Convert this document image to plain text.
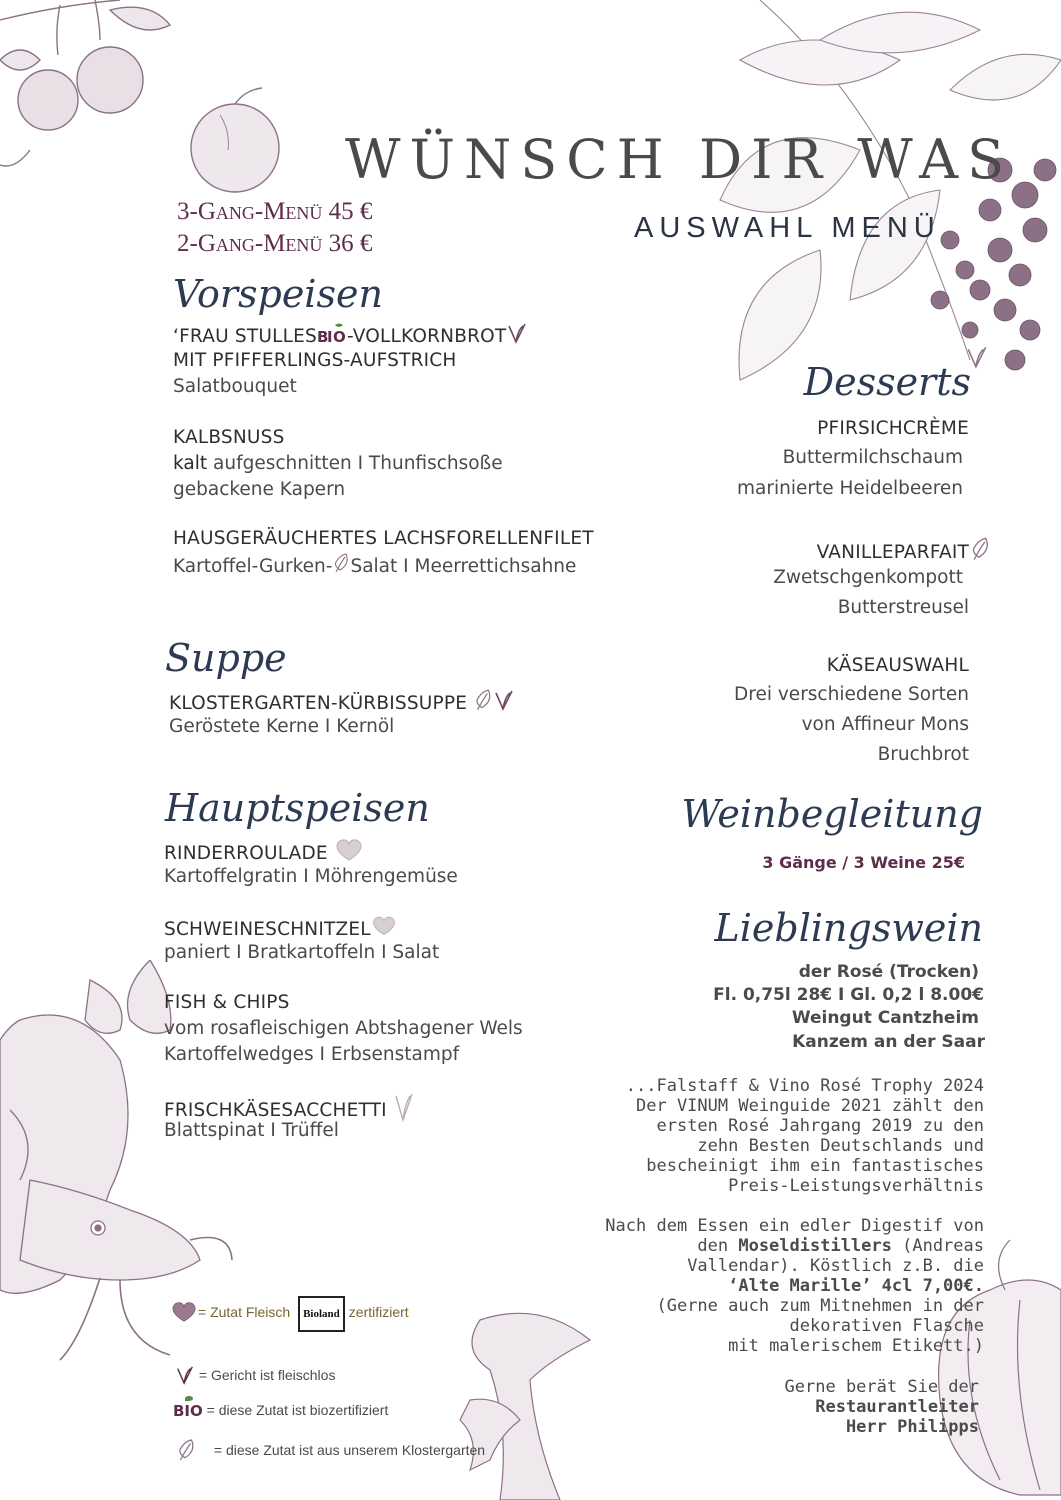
WÜNSCH DIR WAS
AUSWAHL MENÜ
3-Gang-Menü 45 €
2-Gang-Menü 36 €
Vorspeisen
‘FRAU STULLES B
I O -VOLLKORNBROT
MIT PFIFFERLINGS-AUFSTRICH
Salatbouquet
KALBSNUSS
kalt aufgeschnitten I Thunfischsoße
gebackene Kapern
HAUSGERÄUCHERTES LACHSFORELLENFILET
Kartoffel-Gurken- Salat I Meerrettichsahne
Suppe
KLOSTERGARTEN-KÜRBISSUPPE
Geröstete Kerne I Kernöl
Hauptspeisen
RINDERROULADE
Kartoffelgratin I Möhrengemüse
SCHWEINESCHNITZEL
paniert I Bratkartoffeln I Salat
FISH & CHIPS
vom rosafleischigen Abtshagener Wels
Kartoffelwedges I Erbsenstampf
FRISCHKÄSESACCHETTI
Blattspinat I Trüffel
Desserts
PFIRSICHCRÈME
Buttermilchschaum
marinierte Heidelbeeren
VANILLEPARFAIT
Zwetschgenkompott
Butterstreusel
KÄSEAUSWAHL
Drei verschiedene Sorten
von Affineur Mons
Bruchbrot
Weinbegleitung
3 Gänge / 3 Weine 25€
Lieblingswein
der Rosé (Trocken)
Fl. 0,75l 28€ I Gl. 0,2 l 8.00€
Weingut Cantzheim
Kanzem an der Saar
...Falstaff & Vino Rosé Trophy 2024
Der VINUM Weinguide 2021 zählt den
ersten Rosé Jahrgang 2019 zu den
zehn Besten Deutschlands und
bescheinigt ihm ein fantastisches
Preis-Leistungsverhältnis
Nach dem Essen ein edler Digestif von
den Moseldistillers (Andreas
Vallendar). Köstlich z.B. die
‘Alte Marille’ 4cl 7,00€.
(Gerne auch zum Mitnehmen in der
dekorativen Flasche
mit malerischem Etikett.)
Gerne berät Sie der
Restaurantleiter
Herr Philipps
= Zutat Fleisch Bioland zertifiziert
= Gericht ist fleischlos
BIO = diese Zutat ist biozertifiziert
= diese Zutat ist aus unserem Klostergarten
